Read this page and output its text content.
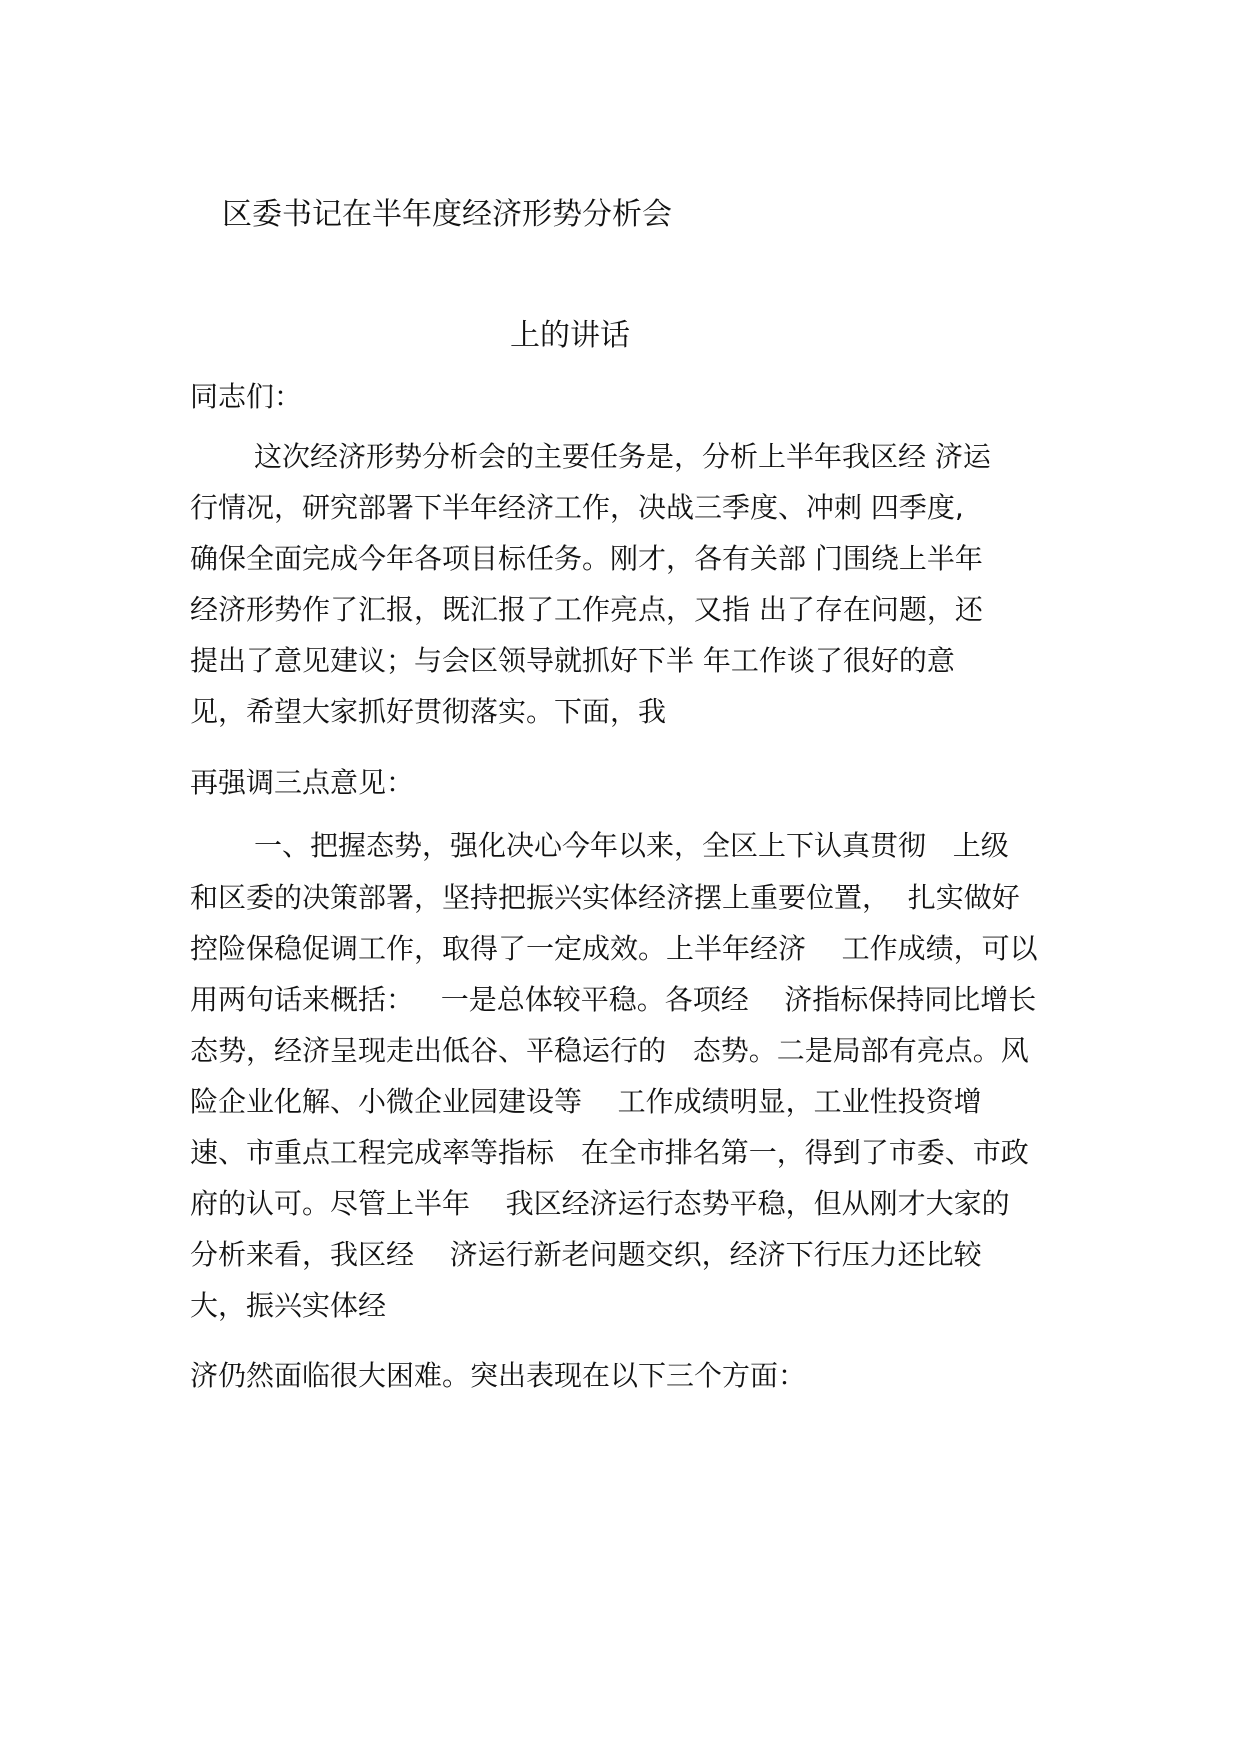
区委书记在半年度经济形势分析会
上的讲话
同志们：
这次经济形势分析会的主要任务是，分析上半年我区经 济运
行情况，研究部署下半年经济工作，决战三季度、冲刺 四季度,
确保全面完成今年各项目标任务。刚才，各有关部 门围绕上半年
经济形势作了汇报，既汇报了工作亮点，又指 出了存在问题，还
提出了意见建议；与会区领导就抓好下半 年工作谈了很好的意
见，希望大家抓好贯彻落实。下面，我
再强调三点意见：
一、把握态势，强化决心今年以来，全区上下认真贯彻   上级
和区委的决策部署，坚持把振兴实体经济摆上重要位置，  扎实做好
控险保稳促调工作，取得了一定成效。上半年经济    工作成绩，可以
用两句话来概括：   一是总体较平稳。各项经    济指标保持同比增长
态势，经济呈现走出低谷、平稳运行的   态势。二是局部有亮点。风
险企业化解、小微企业园建设等    工作成绩明显，工业性投资增
速、市重点工程完成率等指标   在全市排名第一，得到了市委、市政
府的认可。尽管上半年    我区经济运行态势平稳，但从刚才大家的
分析来看，我区经    济运行新老问题交织，经济下行压力还比较
大，振兴实体经
济仍然面临很大困难。突出表现在以下三个方面：
